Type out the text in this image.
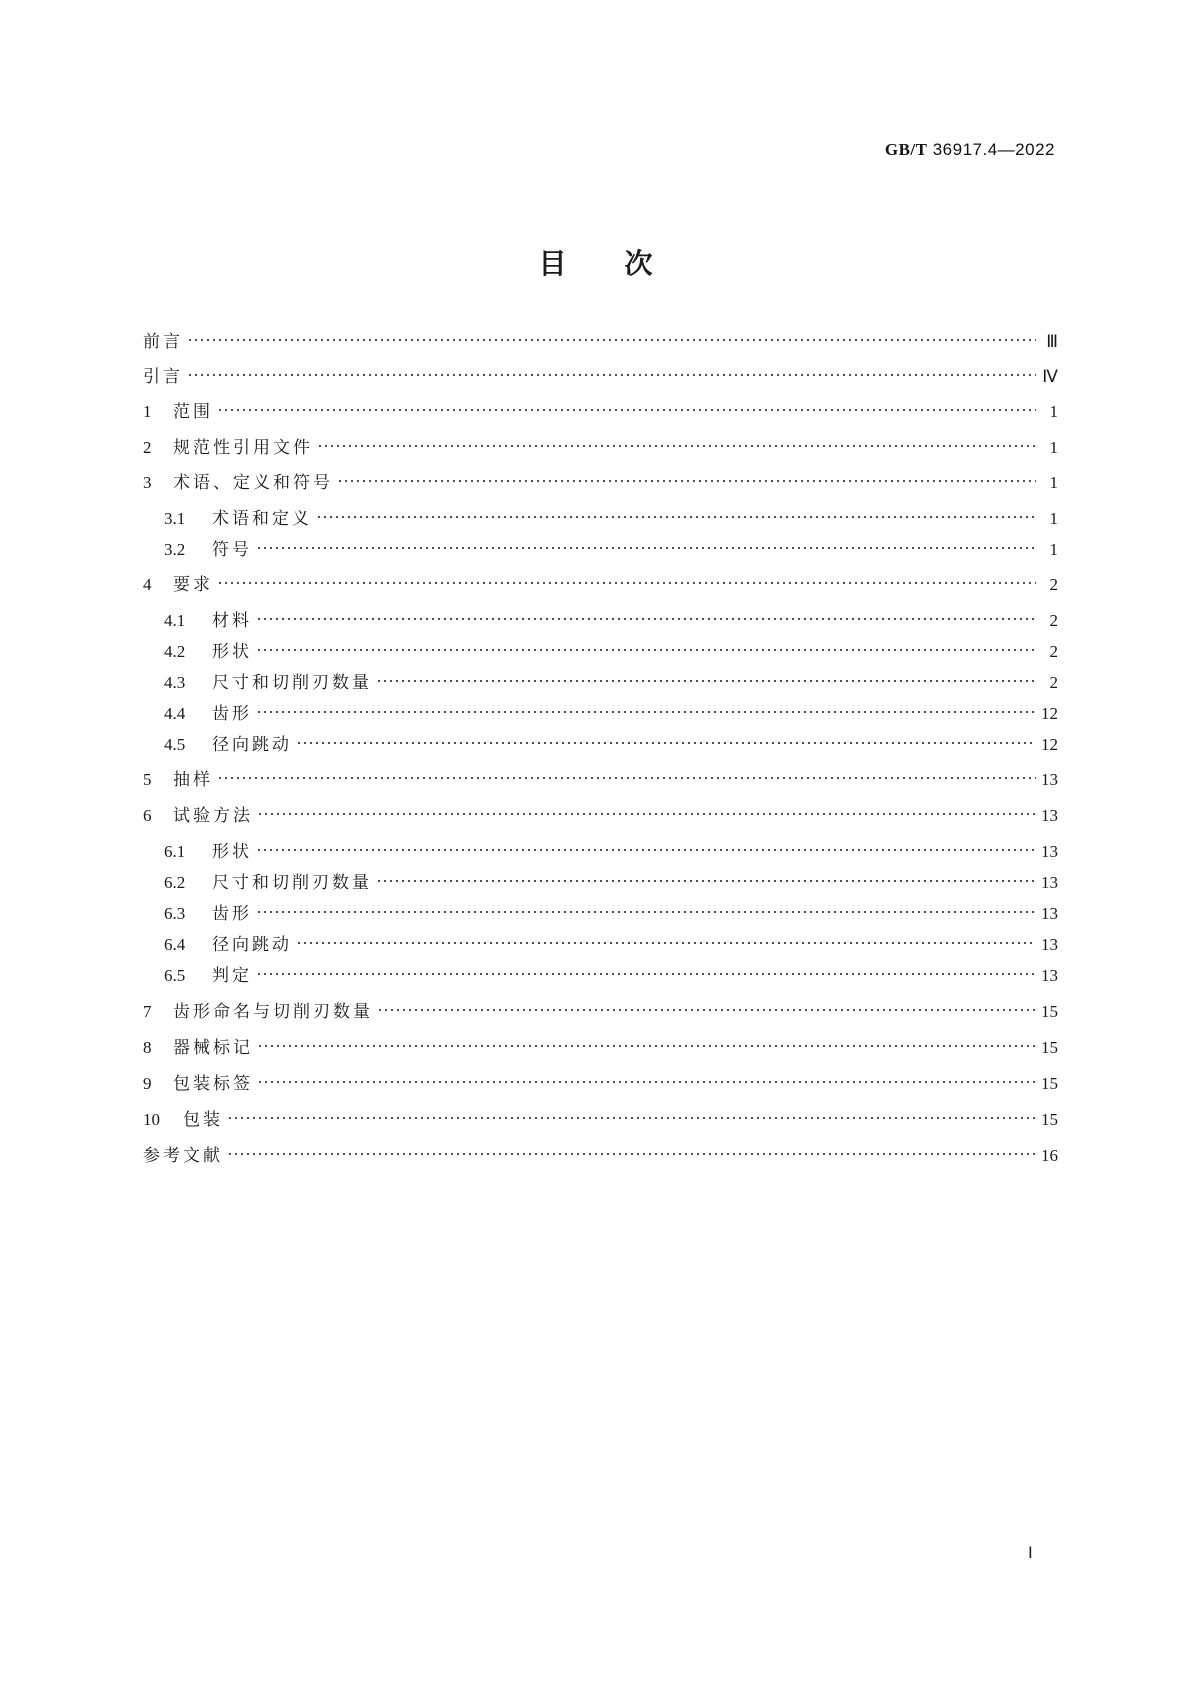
GB/T 36917.4—2022
目次
前言	Ⅲ
引言	Ⅳ
1	范围	1
2	规范性引用文件	1
3	术语、定义和符号	1
3.1	术语和定义	1
3.2	符号	1
4	要求	2
4.1	材料	2
4.2	形状	2
4.3	尺寸和切削刃数量	2
4.4	齿形	12
4.5	径向跳动	12
5	抽样	13
6	试验方法	13
6.1	形状	13
6.2	尺寸和切削刃数量	13
6.3	齿形	13
6.4	径向跳动	13
6.5	判定	13
7	齿形命名与切削刃数量	15
8	器械标记	15
9	包装标签	15
10	包装	15
参考文献	16
Ⅰ
